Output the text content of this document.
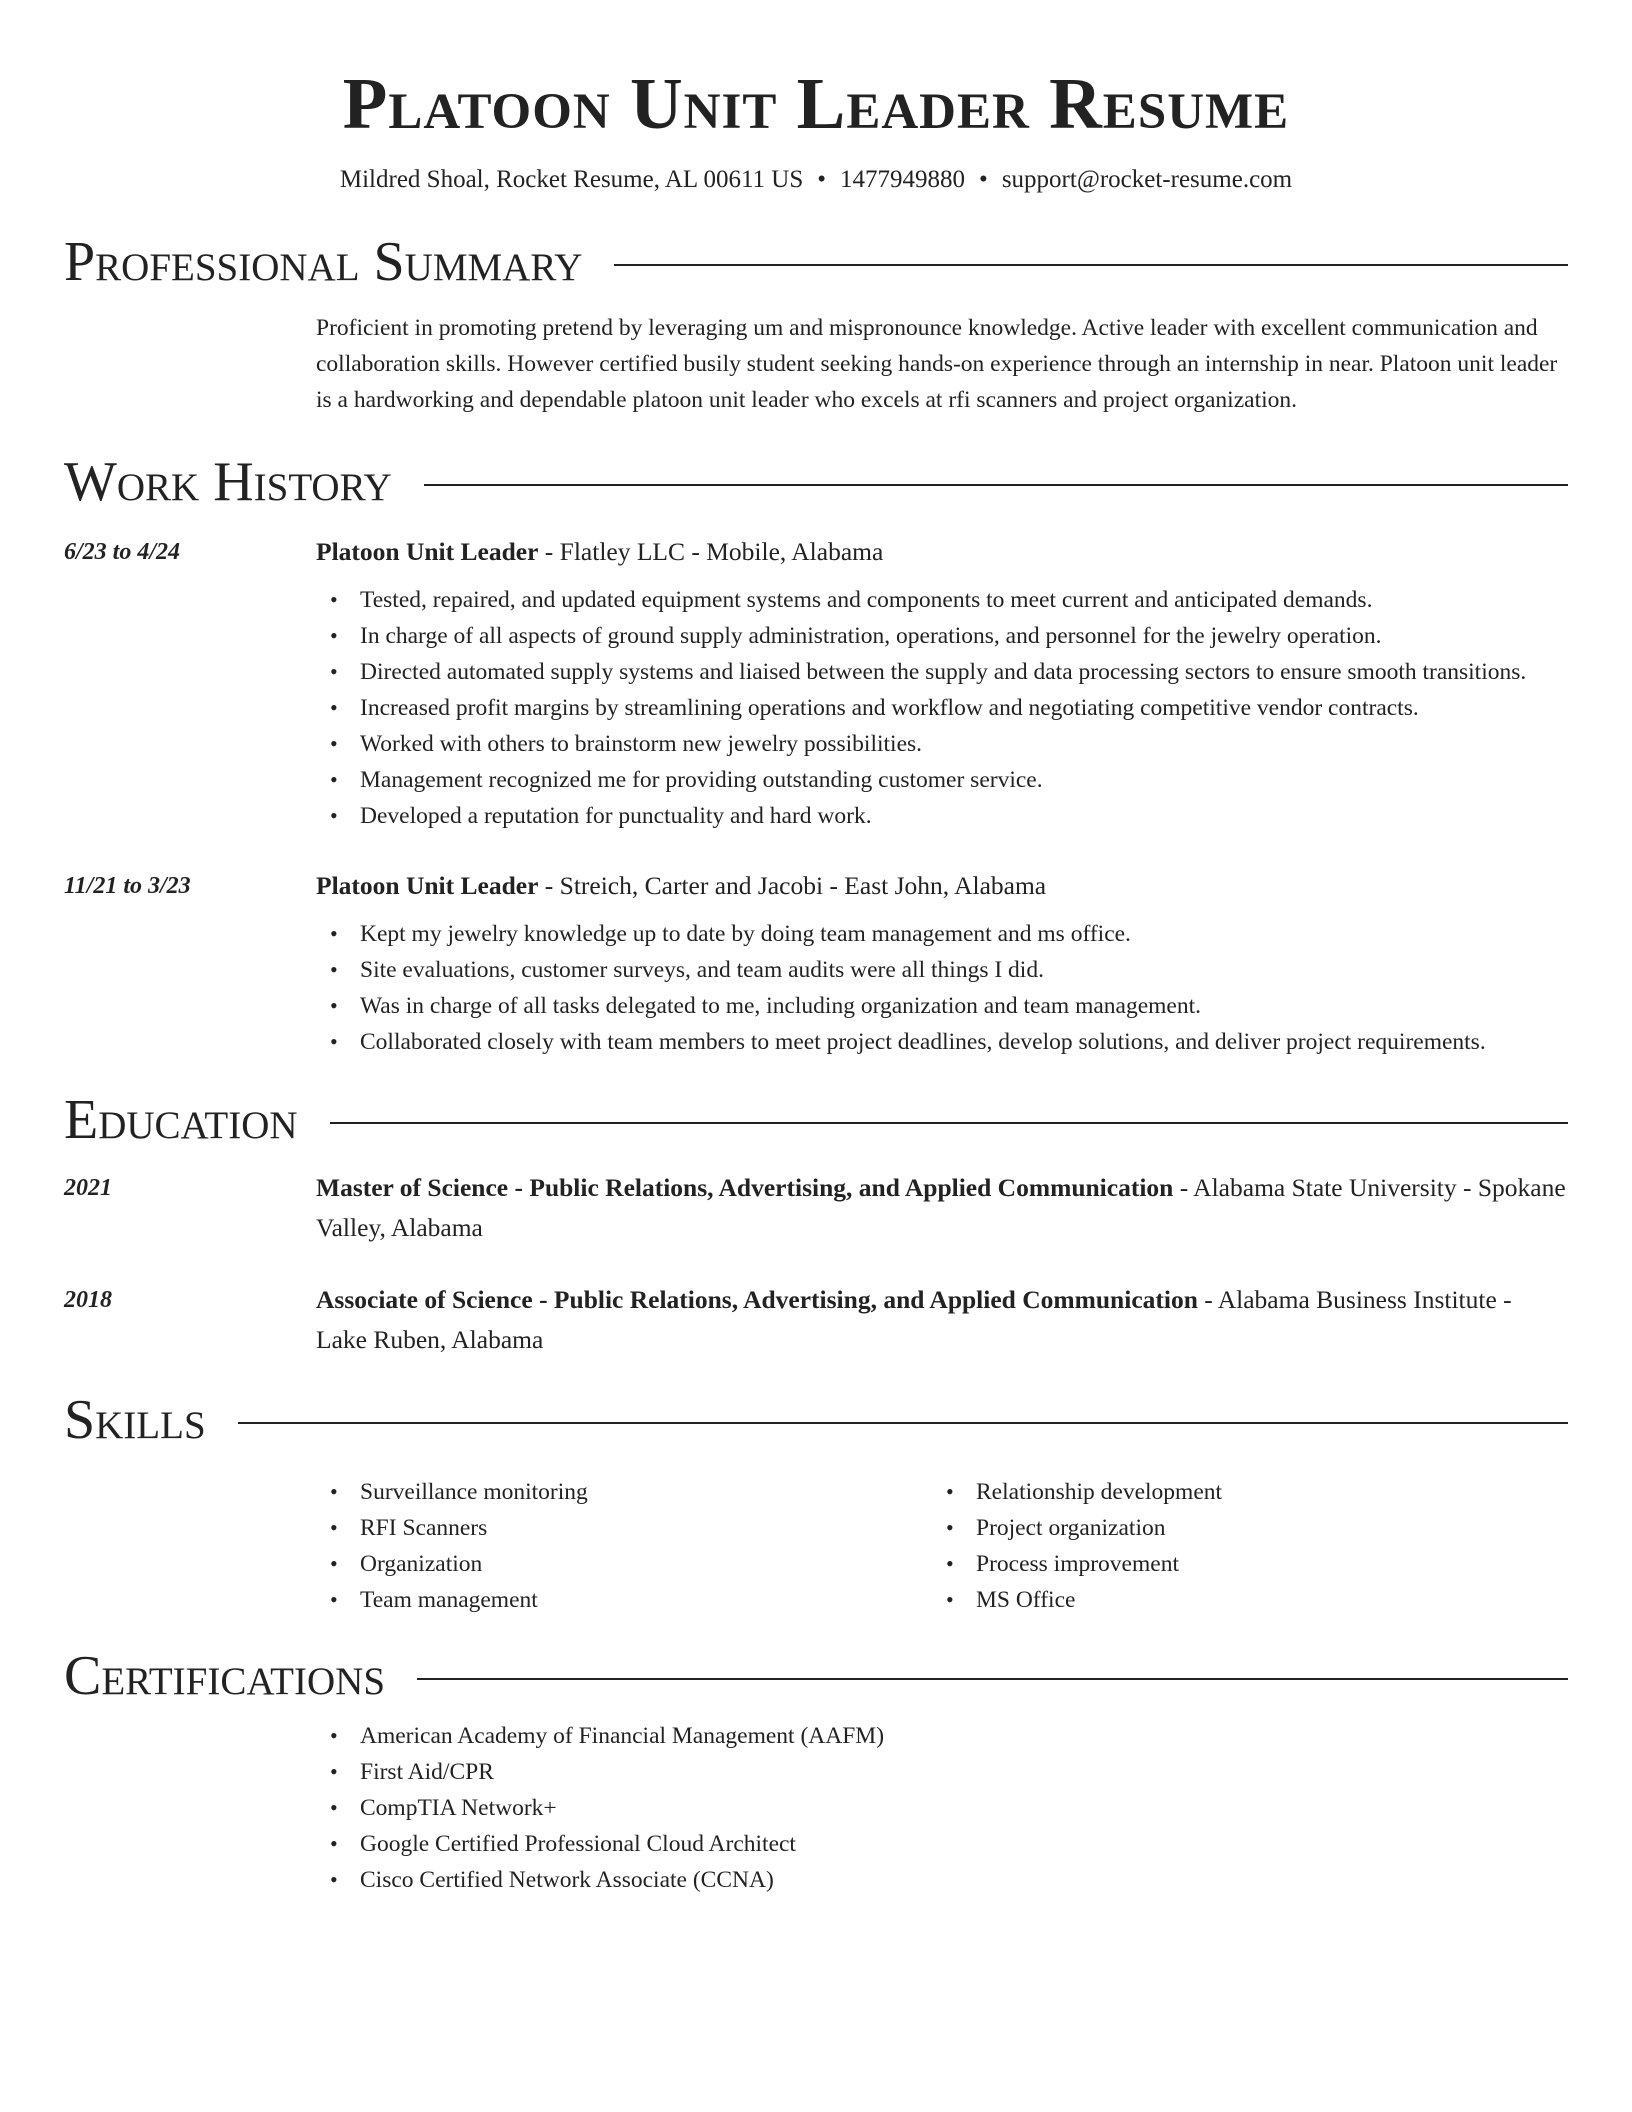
Platoon Unit Leader Resume
Mildred Shoal, Rocket Resume, AL 00611 US • 1477949880 • support@rocket-resume.com
Professional Summary

Proficient in promoting pretend by leveraging um and mispronounce knowledge. Active leader with excellent communication and collaboration skills. However certified busily student seeking hands-on experience through an internship in near. Platoon unit leader is a hardworking and dependable platoon unit leader who excels at rfi scanners and project organization.

Work History
6/23 to 4/24	Platoon Unit Leader - Flatley LLC - Mobile, Alabama
• Tested, repaired, and updated equipment systems and components to meet current and anticipated demands.
• In charge of all aspects of ground supply administration, operations, and personnel for the jewelry operation.
• Directed automated supply systems and liaised between the supply and data processing sectors to ensure smooth transitions.
• Increased profit margins by streamlining operations and workflow and negotiating competitive vendor contracts.
• Worked with others to brainstorm new jewelry possibilities.
• Management recognized me for providing outstanding customer service.
• Developed a reputation for punctuality and hard work.
11/21 to 3/23	Platoon Unit Leader - Streich, Carter and Jacobi - East John, Alabama
• Kept my jewelry knowledge up to date by doing team management and ms office.
• Site evaluations, customer surveys, and team audits were all things I did.
• Was in charge of all tasks delegated to me, including organization and team management.
• Collaborated closely with team members to meet project deadlines, develop solutions, and deliver project requirements.
Education
2021	Master of Science - Public Relations, Advertising, and Applied Communication - Alabama State University - Spokane Valley, Alabama
2018	Associate of Science - Public Relations, Advertising, and Applied Communication - Alabama Business Institute - Lake Ruben, Alabama
Skills
• Surveillance monitoring
• RFI Scanners
• Organization
• Team management
• Relationship development
• Project organization
• Process improvement
• MS Office
Certifications
• American Academy of Financial Management (AAFM)
• First Aid/CPR
• CompTIA Network+
• Google Certified Professional Cloud Architect
• Cisco Certified Network Associate (CCNA)
